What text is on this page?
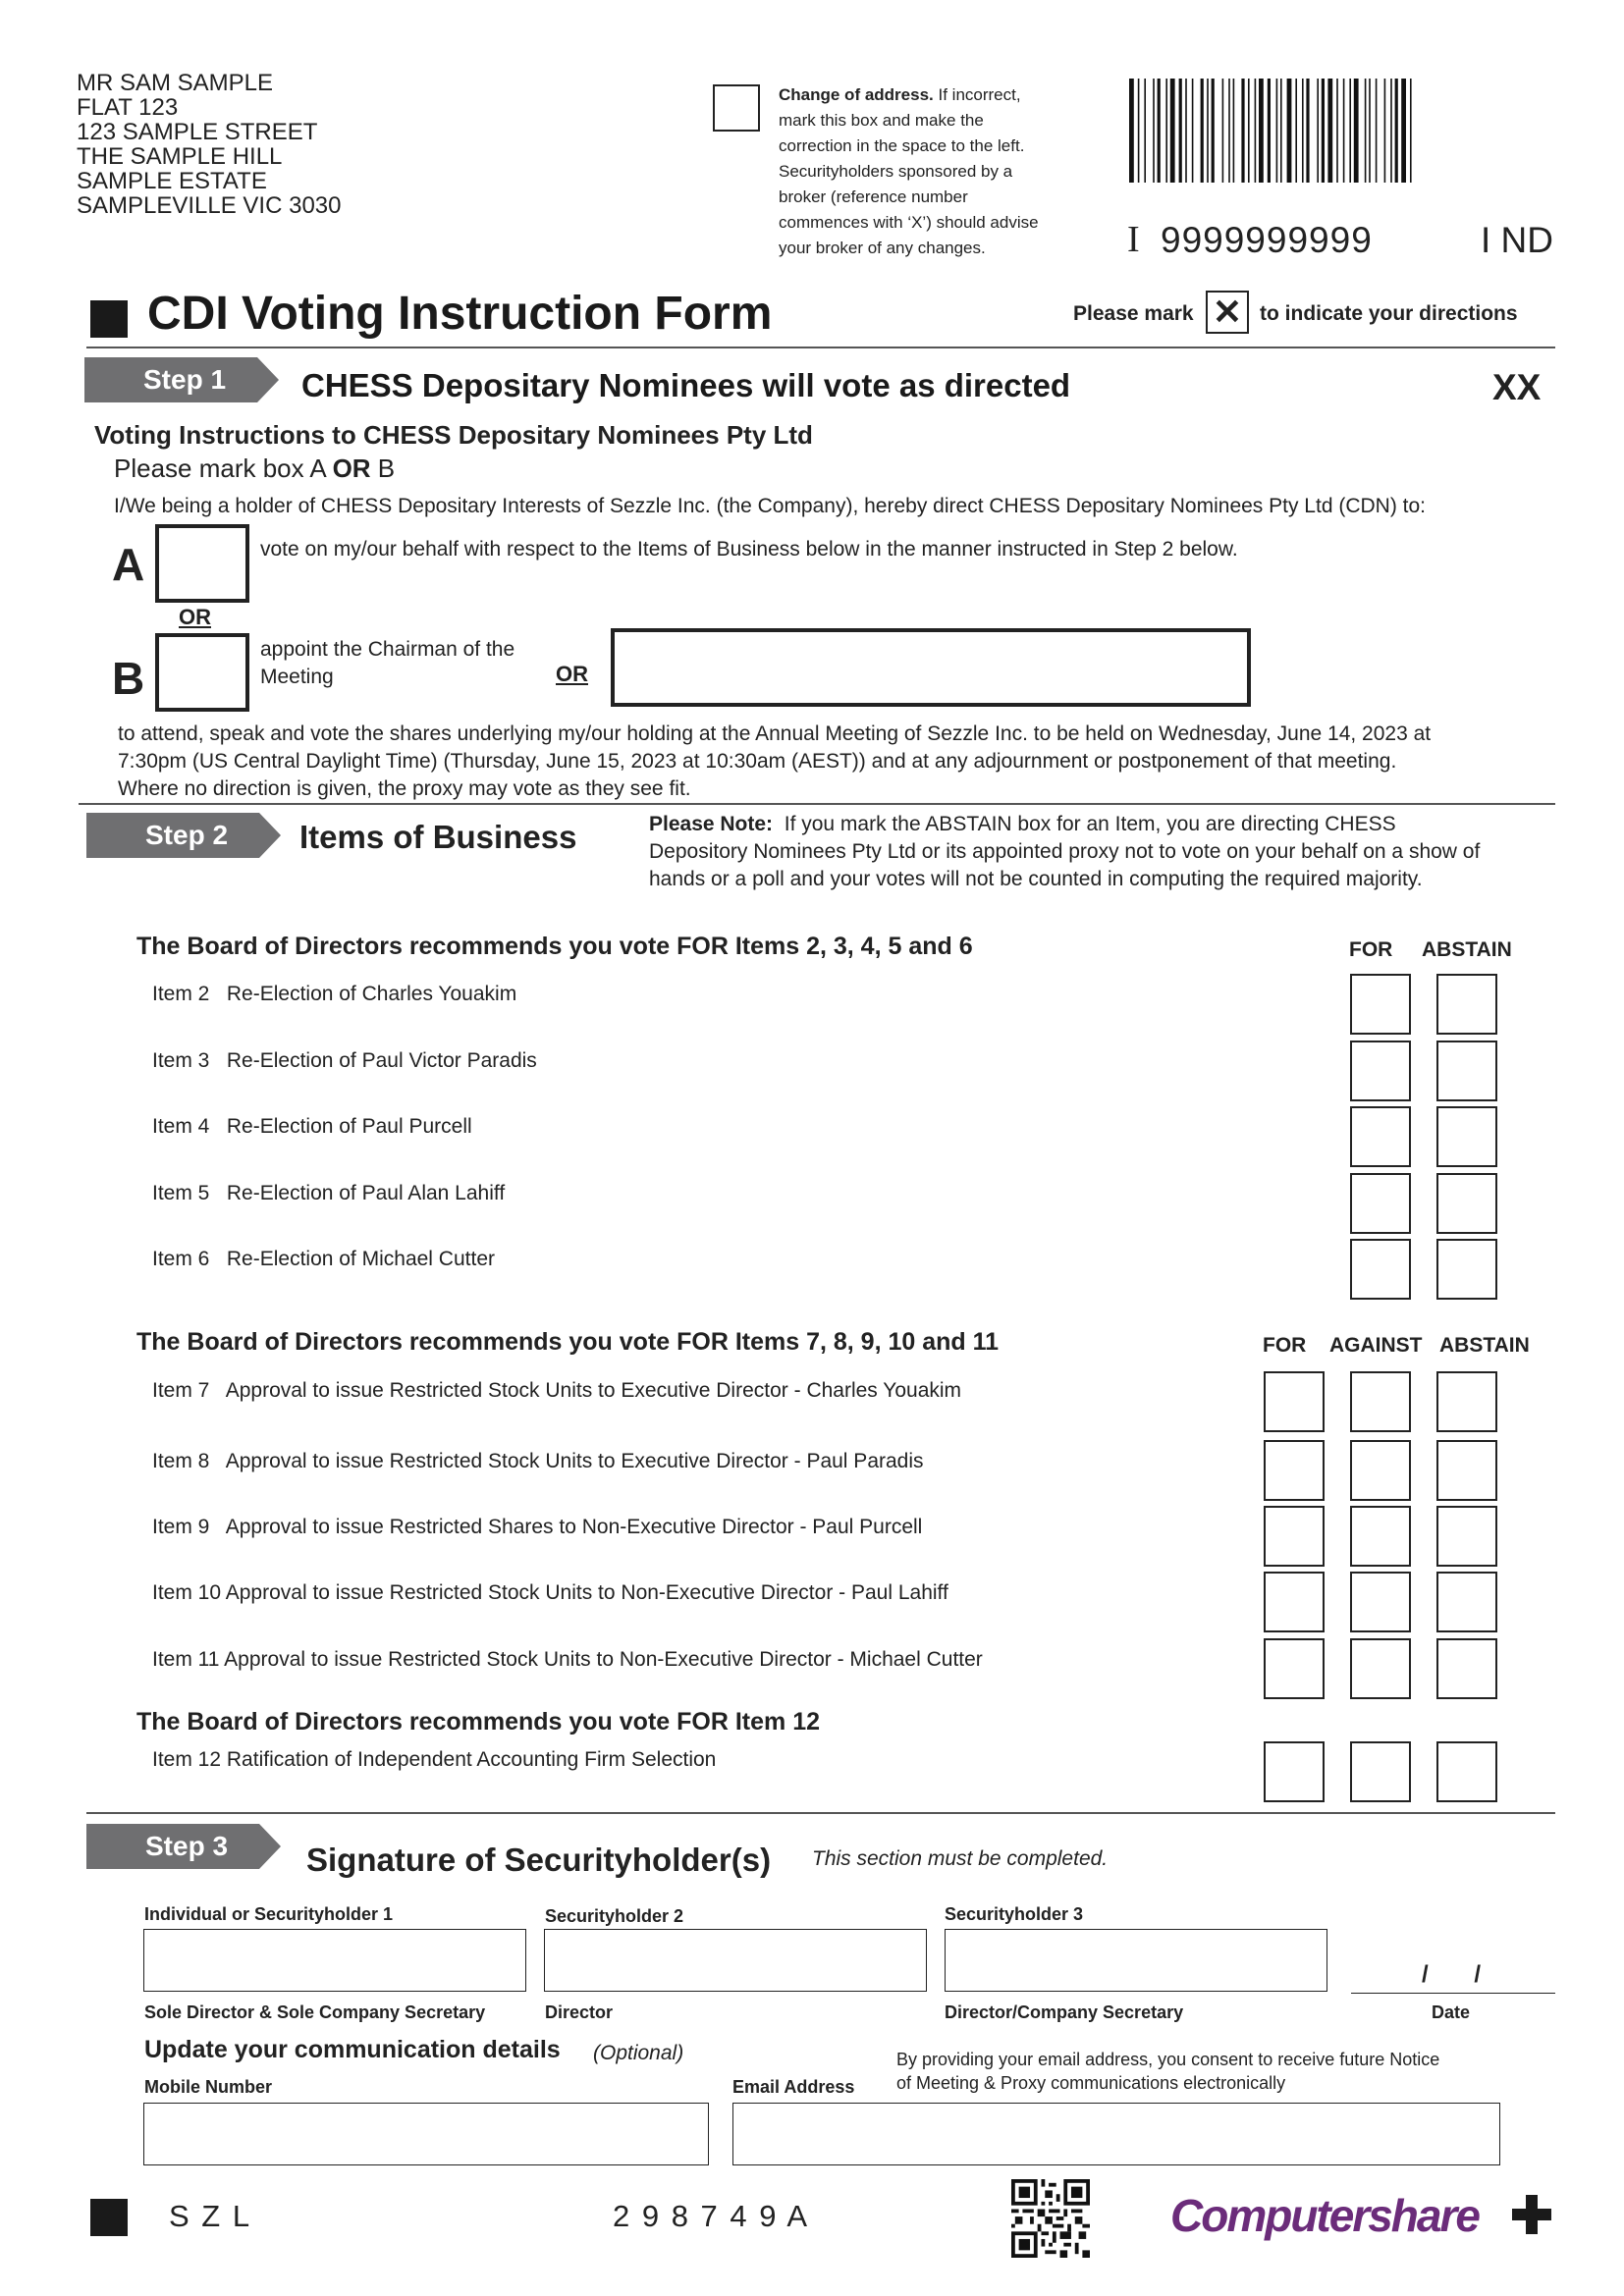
MR SAM SAMPLE
FLAT 123
123 SAMPLE STREET
THE SAMPLE HILL
SAMPLE ESTATE
SAMPLEVILLE VIC 3030
Change of address. If incorrect,
mark this box and make the
correction in the space to the left.
Securityholders sponsored by a
broker (reference number
commences with ‘X’) should advise
your broker of any changes.	I 9999999999	I ND
CDI Voting Instruction Form	Please mark ✕ to indicate your directions
Step 1	CHESS Depositary Nominees will vote as directed	XX
Voting Instructions to CHESS Depositary Nominees Pty Ltd
Please mark box A OR B
I/We being a holder of CHESS Depositary Interests of Sezzle Inc. (the Company), hereby direct CHESS Depositary Nominees Pty Ltd (CDN) to:
A	vote on my/our behalf with respect to the Items of Business below in the manner instructed in Step 2 below.
OR
B
appoint the Chairman of the
Meeting	OR
to attend, speak and vote the shares underlying my/our holding at the Annual Meeting of Sezzle Inc. to be held on Wednesday, June 14, 2023 at
7:30pm (US Central Daylight Time) (Thursday, June 15, 2023 at 10:30am (AEST)) and at any adjournment or postponement of that meeting.
Where no direction is given, the proxy may vote as they see fit.
Step 2	Items of Business	Please Note: If you mark the ABSTAIN box for an Item, you are directing CHESS
Depository Nominees Pty Ltd or its appointed proxy not to vote on your behalf on a show of
hands or a poll and your votes will not be counted in computing the required majority.
The Board of Directors recommends you vote FOR Items 2, 3, 4, 5 and 6	FOR ABSTAIN
Item 2 Re-Election of Charles Youakim
Item 3 Re-Election of Paul Victor Paradis
Item 4 Re-Election of Paul Purcell
Item 5 Re-Election of Paul Alan Lahiff
Item 6 Re-Election of Michael Cutter
The Board of Directors recommends you vote FOR Items 7, 8, 9, 10 and 11	FOR AGAINST ABSTAIN
Item 7 Approval to issue Restricted Stock Units to Executive Director - Charles Youakim
Item 8 Approval to issue Restricted Stock Units to Executive Director - Paul Paradis
Item 9 Approval to issue Restricted Shares to Non-Executive Director - Paul Purcell
Item 10 Approval to issue Restricted Stock Units to Non-Executive Director - Paul Lahiff
Item 11 Approval to issue Restricted Stock Units to Non-Executive Director - Michael Cutter
The Board of Directors recommends you vote FOR Item 12
Item 12 Ratification of Independent Accounting Firm Selection
Step 3	Signature of Securityholder(s) This section must be completed.
Individual or Securityholder 1	Securityholder 2	Securityholder 3
/       /
Sole Director & Sole Company Secretary	Director	Director/Company Secretary	Date
Update your communication details (Optional)	By providing your email address, you consent to receive future Notice
of Meeting & Proxy communications electronically
Mobile Number	Email Address
S Z L	2 9 8 7 4 9 A	Computershare
